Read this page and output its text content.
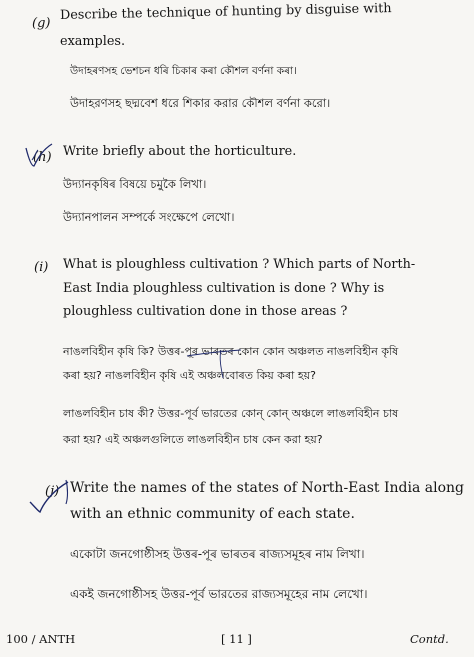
(g)
Describe the technique of hunting by disguise with
examples.
উদাহৰণসহ ভেশচন ধৰি চিকাৰ কৰা কৌশল বৰ্ণনা কৰা।
উদাহরণসহ ছদ্মবেশ ধরে শিকার করার কৌশল বর্ণনা করো।
(h) Write briefly about the horticulture.
উদ্যানকৃষিৰ বিষয়ে চমুকৈ লিখা।
উদ্যানপালন সম্পর্কে সংক্ষেপে লেখো।
(i) What is ploughless cultivation ? Which parts of North-
East India ploughless cultivation is done ? Why is
ploughless cultivation done in those areas ?
নাঙলবিহীন কৃষি কি? উত্তৰ-পূৰ ভাৰতৰ কোন কোন অঞ্চলত নাঙলবিহীন কৃষি
কৰা হয়? নাঙলবিহীন কৃষি এই অঞ্চলবোৰত কিয় কৰা হয়?
লাঙলবিহীন চাষ কী? উত্তর-পূর্ব ভারতের কোন্ কোন্ অঞ্চলে লাঙলবিহীন চাষ
করা হয়? এই অঞ্চলগুলিতে লাঙলবিহীন চাষ কেন করা হয়?
(j) Write the names of the states of North-East India along
with an ethnic community of each state.
একোটা জনগোষ্ঠীসহ উত্তৰ-পূৰ ভাৰতৰ ৰাজ্যসমূহৰ নাম লিখা।
একই জনগোষ্ঠীসহ উত্তর-পূর্ব ভারতের রাজ্যসমূহের নাম লেখো।
100 / ANTH	[ 11 ]	Contd.
